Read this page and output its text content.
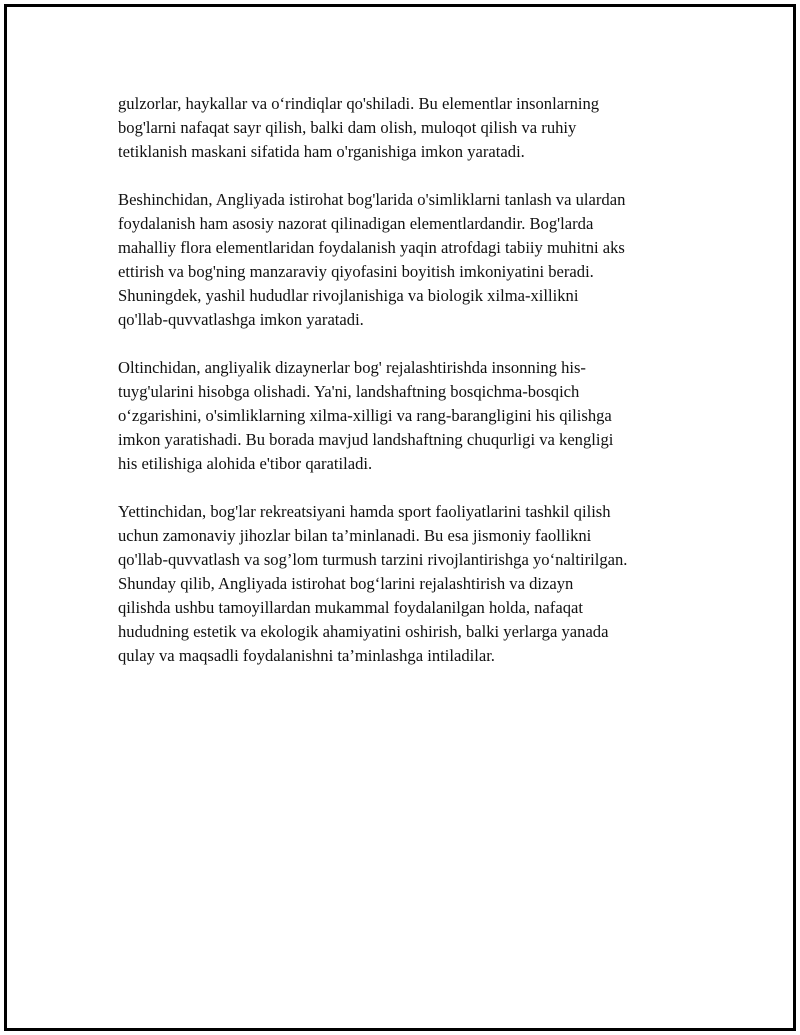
gulzorlar, haykallar va o‘rindiqlar qo'shiladi. Bu elementlar insonlarning
bog'larni nafaqat sayr qilish, balki dam olish, muloqot qilish va ruhiy
tetiklanish maskani sifatida ham o'rganishiga imkon yaratadi.

Beshinchidan, Angliyada istirohat bog'larida o'simliklarni tanlash va ulardan
foydalanish ham asosiy nazorat qilinadigan elementlardandir. Bog'larda
mahalliy flora elementlaridan foydalanish yaqin atrofdagi tabiiy muhitni aks
ettirish va bog'ning manzaraviy qiyofasini boyitish imkoniyatini beradi.
Shuningdek, yashil hududlar rivojlanishiga va biologik xilma-xillikni
qo'llab-quvvatlashga imkon yaratadi.

Oltinchidan, angliyalik dizaynerlar bog' rejalashtirishda insonning his-
tuyg'ularini hisobga olishadi. Ya'ni, landshaftning bosqichma-bosqich
o‘zgarishini, o'simliklarning xilma-xilligi va rang-barangligini his qilishga
imkon yaratishadi. Bu borada mavjud landshaftning chuqurligi va kengligi
his etilishiga alohida e'tibor qaratiladi.

Yettinchidan, bog'lar rekreatsiyani hamda sport faoliyatlarini tashkil qilish
uchun zamonaviy jihozlar bilan ta’minlanadi. Bu esa jismoniy faollikni
qo'llab-quvvatlash va sog’lom turmush tarzini rivojlantirishga yo‘naltirilgan.
Shunday qilib, Angliyada istirohat bog‘larini rejalashtirish va dizayn
qilishda ushbu tamoyillardan mukammal foydalanilgan holda, nafaqat
hududning estetik va ekologik ahamiyatini oshirish, balki yerlarga yanada
qulay va maqsadli foydalanishni ta’minlashga intiladilar.
